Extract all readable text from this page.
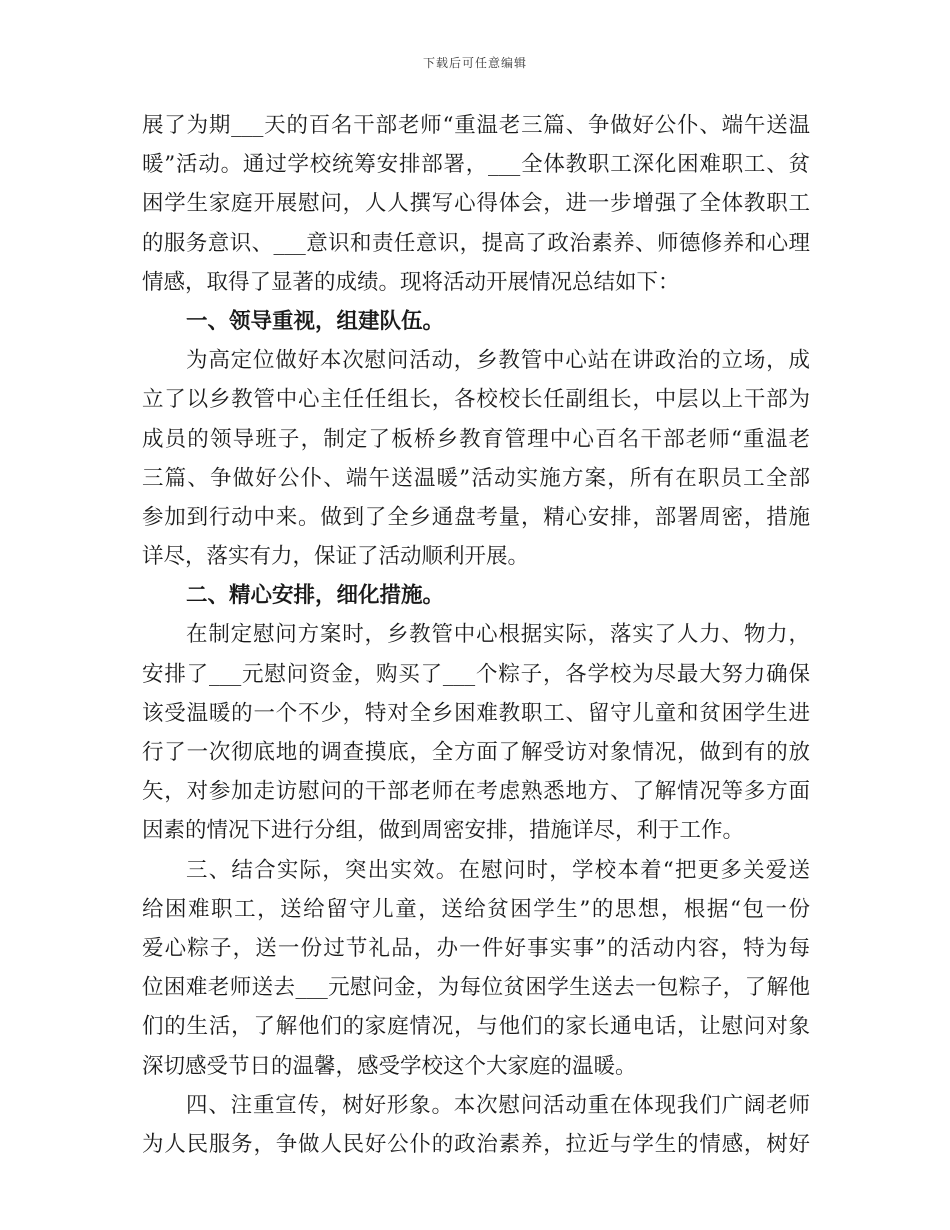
下载后可任意编辑
展了为期___天的百名干部老师“重温老三篇、争做好公仆、端午送温
暖”活动。通过学校统筹安排部署，___全体教职工深化困难职工、贫
困学生家庭开展慰问，人人撰写心得体会，进一步增强了全体教职工
的服务意识、___意识和责任意识，提高了政治素养、师德修养和心理
情感，取得了显著的成绩。现将活动开展情况总结如下：
一、领导重视，组建队伍。
为高定位做好本次慰问活动，乡教管中心站在讲政治的立场，成
立了以乡教管中心主任任组长，各校校长任副组长，中层以上干部为
成员的领导班子，制定了板桥乡教育管理中心百名干部老师“重温老
三篇、争做好公仆、端午送温暖”活动实施方案，所有在职员工全部
参加到行动中来。做到了全乡通盘考量，精心安排，部署周密，措施
详尽，落实有力，保证了活动顺利开展。
二、精心安排，细化措施。
在制定慰问方案时，乡教管中心根据实际，落实了人力、物力，
安排了___元慰问资金，购买了___个粽子，各学校为尽最大努力确保
该受温暖的一个不少，特对全乡困难教职工、留守儿童和贫困学生进
行了一次彻底地的调查摸底，全方面了解受访对象情况，做到有的放
矢，对参加走访慰问的干部老师在考虑熟悉地方、了解情况等多方面
因素的情况下进行分组，做到周密安排，措施详尽，利于工作。
三、结合实际，突出实效。在慰问时，学校本着“把更多关爱送
给困难职工，送给留守儿童，送给贫困学生”的思想，根据“包一份
爱心粽子，送一份过节礼品，办一件好事实事”的活动内容，特为每
位困难老师送去___元慰问金，为每位贫困学生送去一包粽子，了解他
们的生活，了解他们的家庭情况，与他们的家长通电话，让慰问对象
深切感受节日的温馨，感受学校这个大家庭的温暖。
四、注重宣传，树好形象。本次慰问活动重在体现我们广阔老师
为人民服务，争做人民好公仆的政治素养，拉近与学生的情感，树好
